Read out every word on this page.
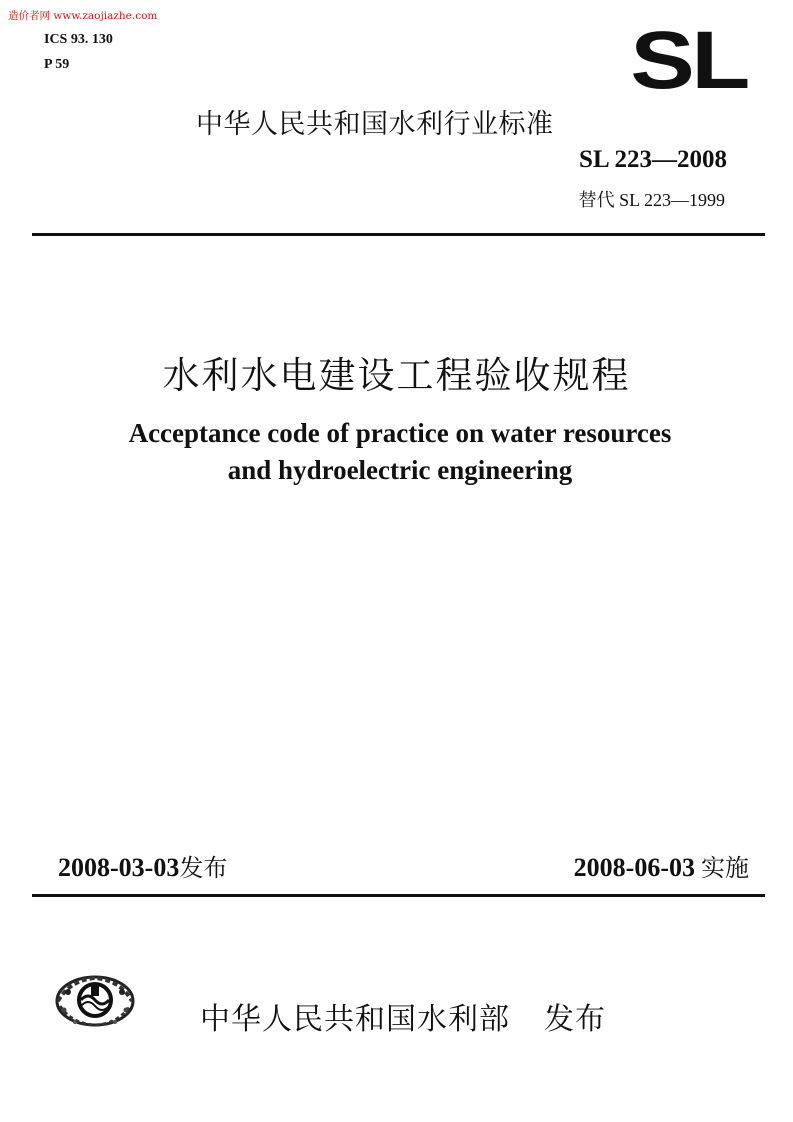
造价者网 www.zaojiazhe.com
ICS 93. 130
P 59	SL
中华人民共和国水利行业标准
SL 223—2008
替代 SL 223—1999
水利水电建设工程验收规程
Acceptance code of practice on water resources
and hydroelectric engineering
2008-03-03发布	2008-06-03 实施
中华人民共和国水利部 发布
